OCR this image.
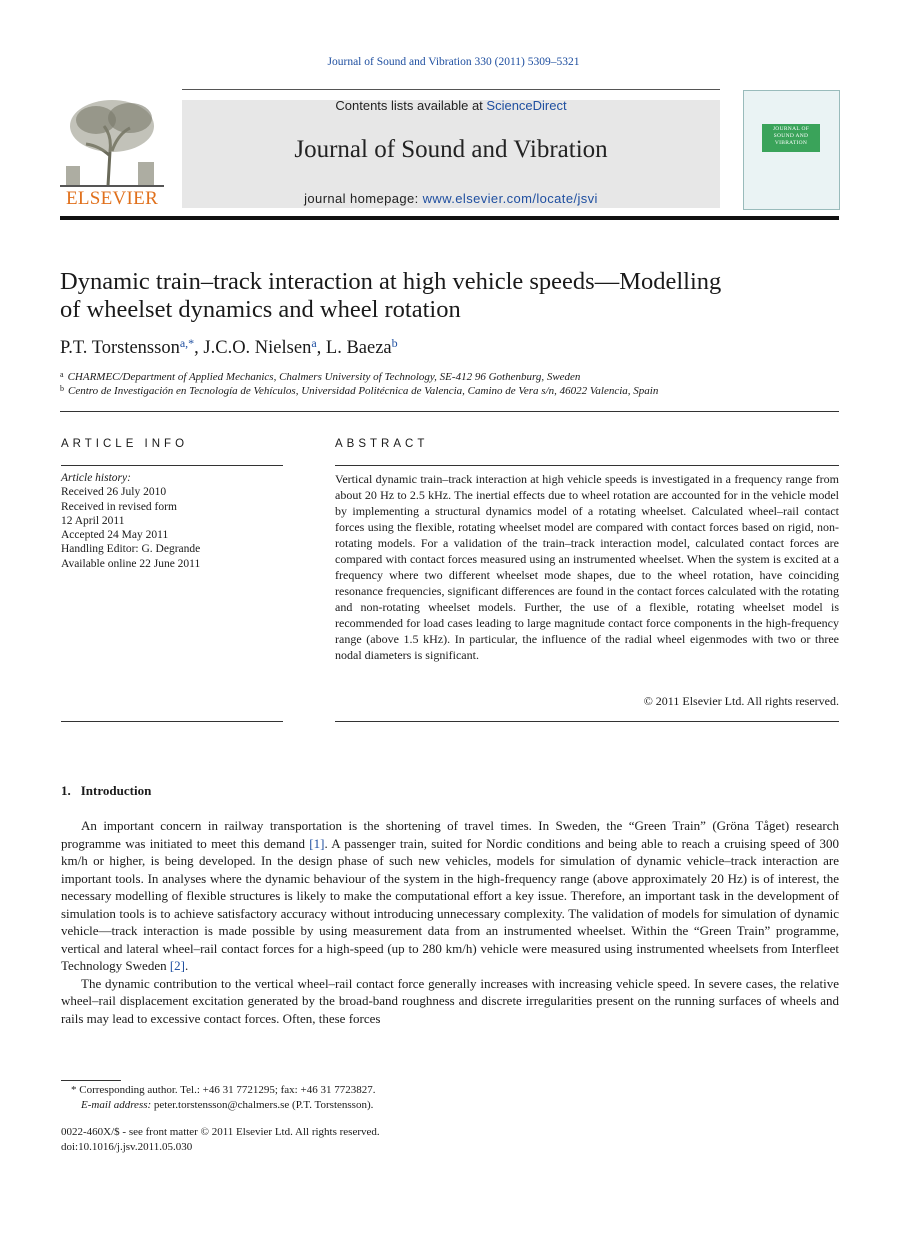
Journal of Sound and Vibration 330 (2011) 5309–5321
ELSEVIER
Contents lists available at ScienceDirect
Journal of Sound and Vibration
journal homepage: www.elsevier.com/locate/jsvi
JOURNAL OF SOUND AND VIBRATION
Dynamic train–track interaction at high vehicle speeds—Modelling
of wheelset dynamics and wheel rotation
P.T. Torstensson$^{a,*}$, J.C.O. Nielsen$^a$, L. Baeza$^b$
$^a$ CHARMEC/Department of Applied Mechanics, Chalmers University of Technology, SE-412 96 Gothenburg, Sweden
$^b$ Centro de Investigación en Tecnología de Vehículos, Universidad Politécnica de Valencia, Camino de Vera s/n, 46022 Valencia, Spain
ARTICLE INFO
Article history:
Received 26 July 2010
Received in revised form
12 April 2011
Accepted 24 May 2011
Handling Editor: G. Degrande
Available online 22 June 2011
ABSTRACT
Vertical dynamic train–track interaction at high vehicle speeds is investigated in a frequency range from about 20 Hz to 2.5 kHz. The inertial effects due to wheel rotation are accounted for in the vehicle model by implementing a structural dynamics model of a rotating wheelset. Calculated wheel–rail contact forces using the flexible, rotating wheelset model are compared with contact forces based on rigid, non-rotating models. For a validation of the train–track interaction model, calculated contact forces are compared with contact forces measured using an instrumented wheelset. When the system is excited at a frequency where two different wheelset mode shapes, due to the wheel rotation, have coinciding resonance frequencies, significant differences are found in the contact forces calculated with the rotating and non-rotating wheelset models. Further, the use of a flexible, rotating wheelset model is recommended for load cases leading to large magnitude contact force components in the high-frequency range (above 1.5 kHz). In particular, the influence of the radial wheel eigenmodes with two or three nodal diameters is significant.
© 2011 Elsevier Ltd. All rights reserved.
1. Introduction

An important concern in railway transportation is the shortening of travel times. In Sweden, the “Green Train” (Gröna Tåget) research programme was initiated to meet this demand [1]. A passenger train, suited for Nordic conditions and being able to reach a cruising speed of 300 km/h or higher, is being developed. In the design phase of such new vehicles, models for simulation of dynamic vehicle–track interaction are important tools. In analyses where the dynamic behaviour of the system in the high-frequency range (above approximately 20 Hz) is of interest, the necessary modelling of flexible structures is likely to make the computational effort a key issue. Therefore, an important task in the development of simulation tools is to achieve satisfactory accuracy without introducing unnecessary complexity. The validation of models for simulation of dynamic vehicle—track interaction is made possible by using measurement data from an instrumented wheelset. Within the “Green Train” programme, vertical and lateral wheel–rail contact forces for a high-speed (up to 280 km/h) vehicle were measured using instrumented wheelsets from Interfleet Technology Sweden [2].

The dynamic contribution to the vertical wheel–rail contact force generally increases with increasing vehicle speed. In severe cases, the relative wheel–rail displacement excitation generated by the broad-band roughness and discrete irregularities present on the running surfaces of wheels and rails may lead to excessive contact forces. Often, these forces

* Corresponding author. Tel.: +46 31 7721295; fax: +46 31 7723827.
E-mail address: peter.torstensson@chalmers.se (P.T. Torstensson).
0022-460X/$ - see front matter © 2011 Elsevier Ltd. All rights reserved.
doi:10.1016/j.jsv.2011.05.030
